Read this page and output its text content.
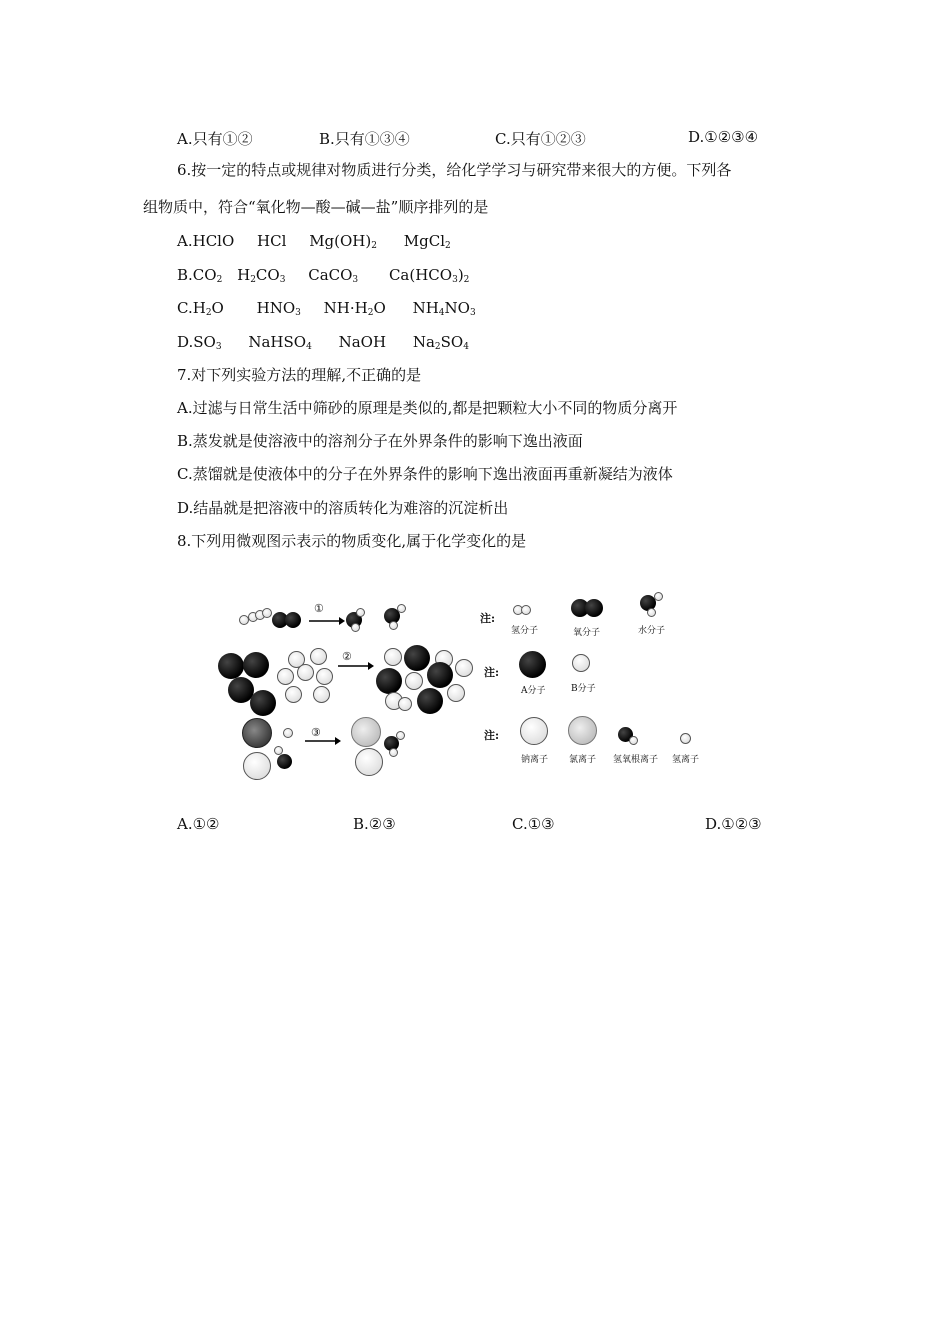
A.只有①②	B.只有①③④	C.只有①②③	D.①②③④
6.按一定的特点或规律对物质进行分类，给化学学习与研究带来很大的方便。下列各
组物质中，符合“氧化物—酸—碱—盐”顺序排列的是
A.HClO HCl $Mg(OH)_2$ MgCl$_2$
$B.CO_2$ $H_2CO_3$ CaCO$_3$ $Ca(HCO_3)_2$
$C.H_2O$ $HNO_3$ $NH\cdot H_2O$ $NH_4NO_3$
$D.SO_3$ NaHSO$_4$ NaOH $Na_2SO_4$
7.对下列实验方法的理解,不正确的是
A.过滤与日常生活中筛砂的原理是类似的,都是把颗粒大小不同的物质分离开
B.蒸发就是使溶液中的溶剂分子在外界条件的影响下逸出液面
C.蒸馏就是使液体中的分子在外界条件的影响下逸出液面再重新凝结为液体
D.结晶就是把溶液中的溶质转化为难溶的沉淀析出
8.下列用微观图示表示的物质变化,属于化学变化的是
①
②
③
注:
氢分子	氧分子	水分子
注:
A分子	B分子
注:
钠离子 氯离子 氢氧根离子 氢离子
A.①②	B.②③	C.①③	D.①②③
